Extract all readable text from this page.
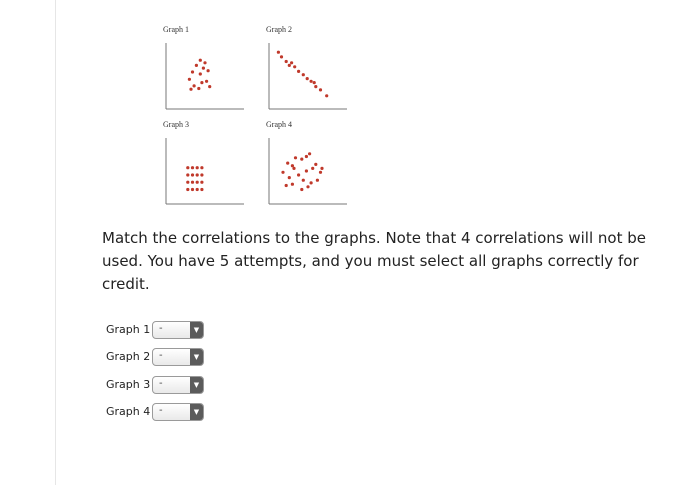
Graph 1	Graph 2
Graph 3	Graph 4

Match the correlations to the graphs. Note that 4 correlations will not be used. You have 5 attempts, and you must select all graphs correctly for credit.

Graph 1 -	▼
Graph 2 -	▼
Graph 3 -	▼
Graph 4 -	▼
